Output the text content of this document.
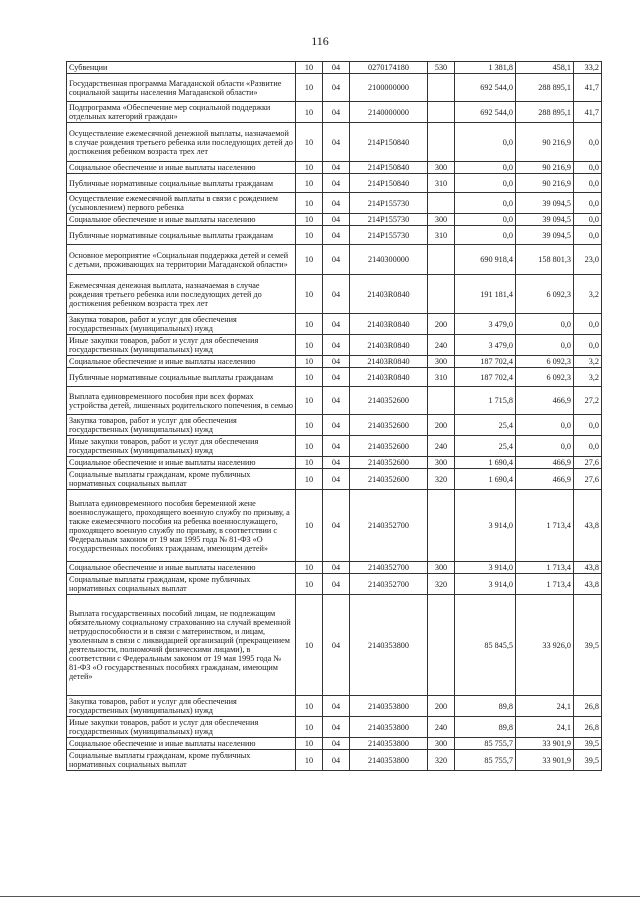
116
Субвенции	10	04	0270174180	530	1 381,8	458,1	33,2
Государственная программа Магаданской области «Развитие социальной защиты населения Магаданской области»	10	04	2100000000		692 544,0	288 895,1	41,7
Подпрограмма «Обеспечение мер социальной поддержки отдельных категорий граждан»	10	04	2140000000		692 544,0	288 895,1	41,7
Осуществление ежемесячной денежной выплаты, назначаемой в случае рождения третьего ребенка или последующих детей до достижения ребенком возраста трех лет	10	04	214P150840		0,0	90 216,9	0,0
Социальное обеспечение и иные выплаты населению	10	04	214P150840	300	0,0	90 216,9	0,0
Публичные нормативные социальные выплаты гражданам	10	04	214P150840	310	0,0	90 216,9	0,0
Осуществление ежемесячной выплаты в связи с рождением (усыновлением) первого ребенка	10	04	214P155730		0,0	39 094,5	0,0
Социальное обеспечение и иные выплаты населению	10	04	214P155730	300	0,0	39 094,5	0,0
Публичные нормативные социальные выплаты гражданам	10	04	214P155730	310	0,0	39 094,5	0,0
Основное мероприятие «Социальная поддержка детей и семей с детьми, проживающих на территории Магаданской области»	10	04	2140300000		690 918,4	158 801,3	23,0
Ежемесячная денежная выплата, назначаемая в случае рождения третьего ребенка или последующих детей до достижения ребенком возраста трех лет	10	04	21403R0840		191 181,4	6 092,3	3,2
Закупка товаров, работ и услуг для обеспечения государственных (муниципальных) нужд	10	04	21403R0840	200	3 479,0	0,0	0,0
Иные закупки товаров, работ и услуг для обеспечения государственных (муниципальных) нужд	10	04	21403R0840	240	3 479,0	0,0	0,0
Социальное обеспечение и иные выплаты населению	10	04	21403R0840	300	187 702,4	6 092,3	3,2
Публичные нормативные социальные выплаты гражданам	10	04	21403R0840	310	187 702,4	6 092,3	3,2
Выплата единовременного пособия при всех формах устройства детей, лишенных родительского попечения, в семью	10	04	2140352600		1 715,8	466,9	27,2
Закупка товаров, работ и услуг для обеспечения государственных (муниципальных) нужд	10	04	2140352600	200	25,4	0,0	0,0
Иные закупки товаров, работ и услуг для обеспечения государственных (муниципальных) нужд	10	04	2140352600	240	25,4	0,0	0,0
Социальное обеспечение и иные выплаты населению	10	04	2140352600	300	1 690,4	466,9	27,6
Социальные выплаты гражданам, кроме публичных нормативных социальных выплат	10	04	2140352600	320	1 690,4	466,9	27,6
Выплата единовременного пособия беременной жене военнослужащего, проходящего военную службу по призыву, а также ежемесячного пособия на ребенка военнослужащего, проходящего военную службу по призыву, в соответствии с Федеральным законом от 19 мая 1995 года № 81-ФЗ «О государственных пособиях гражданам, имеющим детей»	10	04	2140352700		3 914,0	1 713,4	43,8
Социальное обеспечение и иные выплаты населению	10	04	2140352700	300	3 914,0	1 713,4	43,8
Социальные выплаты гражданам, кроме публичных нормативных социальных выплат	10	04	2140352700	320	3 914,0	1 713,4	43,8
Выплата государственных пособий лицам, не подлежащим обязательному социальному страхованию на случай временной нетрудоспособности и в связи с материнством, и лицам, уволенным в связи с ликвидацией организаций (прекращением деятельности, полномочий физическими лицами), в соответствии с Федеральным законом от 19 мая 1995 года № 81-ФЗ «О государственных пособиях гражданам, имеющим детей»	10	04	2140353800		85 845,5	33 926,0	39,5
Закупка товаров, работ и услуг для обеспечения государственных (муниципальных) нужд	10	04	2140353800	200	89,8	24,1	26,8
Иные закупки товаров, работ и услуг для обеспечения государственных (муниципальных) нужд	10	04	2140353800	240	89,8	24,1	26,8
Социальное обеспечение и иные выплаты населению	10	04	2140353800	300	85 755,7	33 901,9	39,5
Социальные выплаты гражданам, кроме публичных нормативных социальных выплат	10	04	2140353800	320	85 755,7	33 901,9	39,5
